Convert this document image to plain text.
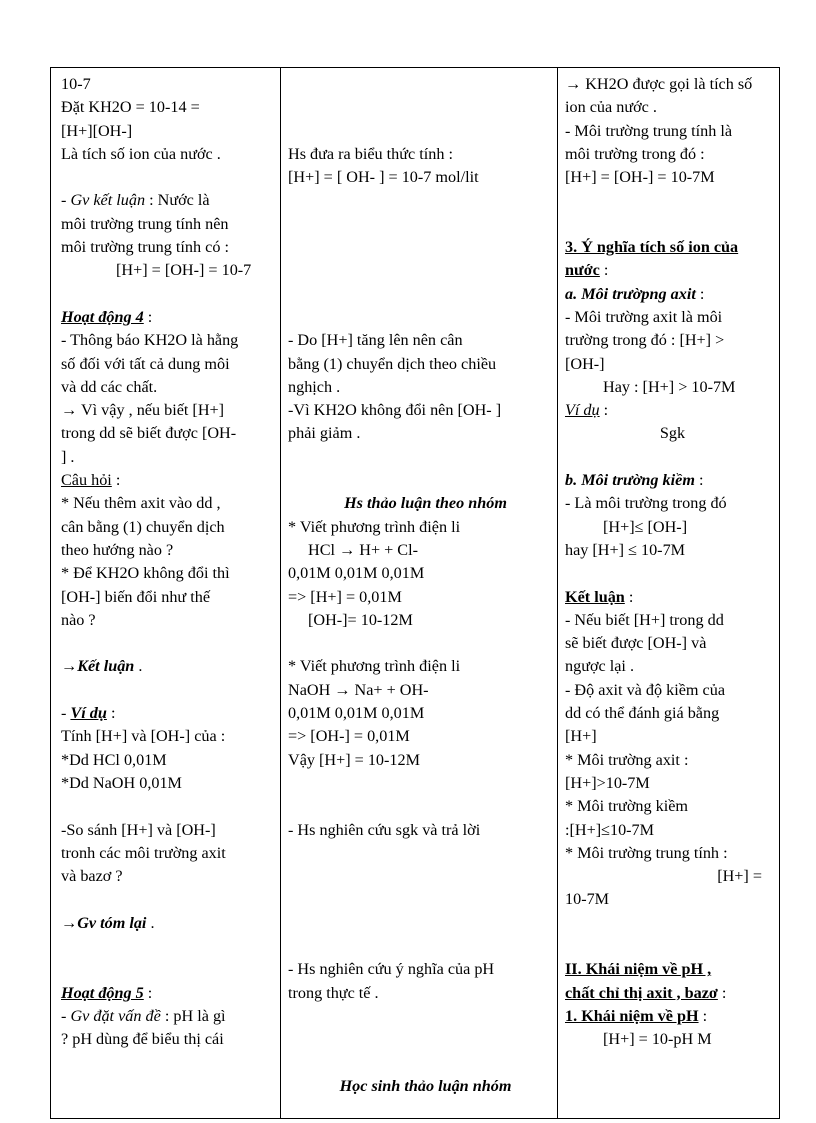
10-7

Đặt KH2O = 10-14 =

[H+][OH-]

Là tích số ion của nước .

- Gv kết luận : Nước là

môi trường trung tính nên

môi trường trung tính có :

[H+] = [OH-] = 10-7

Hoạt động 4 :

- Thông báo KH2O là hằng

số đối với tất cả dung môi

và dd các chất.

→ Vì vậy , nếu biết [H+]

trong dd sẽ biết được [OH-

] .

Câu hỏi :

* Nếu thêm axit vào dd ,

cân bằng (1) chuyển dịch

theo hướng nào ?

* Để KH2O không đổi thì

[OH-] biến đổi như thế

nào ?

→Kết luận .

- Ví dụ :

Tính [H+] và [OH-] của :

*Dd HCl 0,01M

*Dd NaOH 0,01M

-So sánh [H+] và [OH-]

tronh các môi trường axit

và bazơ ?

→Gv tóm lại .

Hoạt động 5 :

- Gv đặt vấn đề : pH là gì

? pH dùng để biểu thị cái

Hs đưa ra biểu thức tính :

[H+] = [ OH- ] = 10-7 mol/lit

- Do [H+] tăng lên nên cân

bằng (1) chuyển dịch theo chiều

nghịch .

-Vì KH2O không đổi nên [OH- ]

phải giảm .

Hs thảo luận theo nhóm

* Viết phương trình điện li

HCl → H+ + Cl-

0,01M 0,01M 0,01M

=> [H+] = 0,01M

[OH-]= 10-12M

* Viết phương trình điện li

NaOH → Na+ + OH-

0,01M 0,01M 0,01M

=> [OH-] = 0,01M

Vậy [H+] = 10-12M

- Hs nghiên cứu sgk và trả lời

- Hs nghiên cứu ý nghĩa của pH

trong thực tế .

Học sinh thảo luận nhóm

→ KH2O được gọi là tích số

ion của nước .

- Môi trường trung tính là

môi trường trong đó :

[H+] = [OH-] = 10-7M

3. Ý nghĩa tích số ion của

nước :

a. Môi trườpng axit :

- Môi trường axit là môi

trường trong đó : [H+] >

[OH-]

Hay : [H+] > 10-7M

Ví dụ :

Sgk

b. Môi trường kiềm :

- Là môi trường trong đó

[H+]≤ [OH-]

hay [H+] ≤ 10-7M

Kết luận :

- Nếu biết [H+] trong dd

sẽ biết được [OH-] và

ngược lại .

- Độ axit và độ kiềm của

dd có thể đánh giá bằng

[H+]

* Môi trường axit :

[H+]>10-7M

* Môi trường kiềm

:[H+]≤10-7M

* Môi trường trung tính :

[H+] =

10-7M

II. Khái niệm về pH ,

chất chỉ thị axit , bazơ :

1. Khái niệm về pH :

[H+] = 10-pH M
